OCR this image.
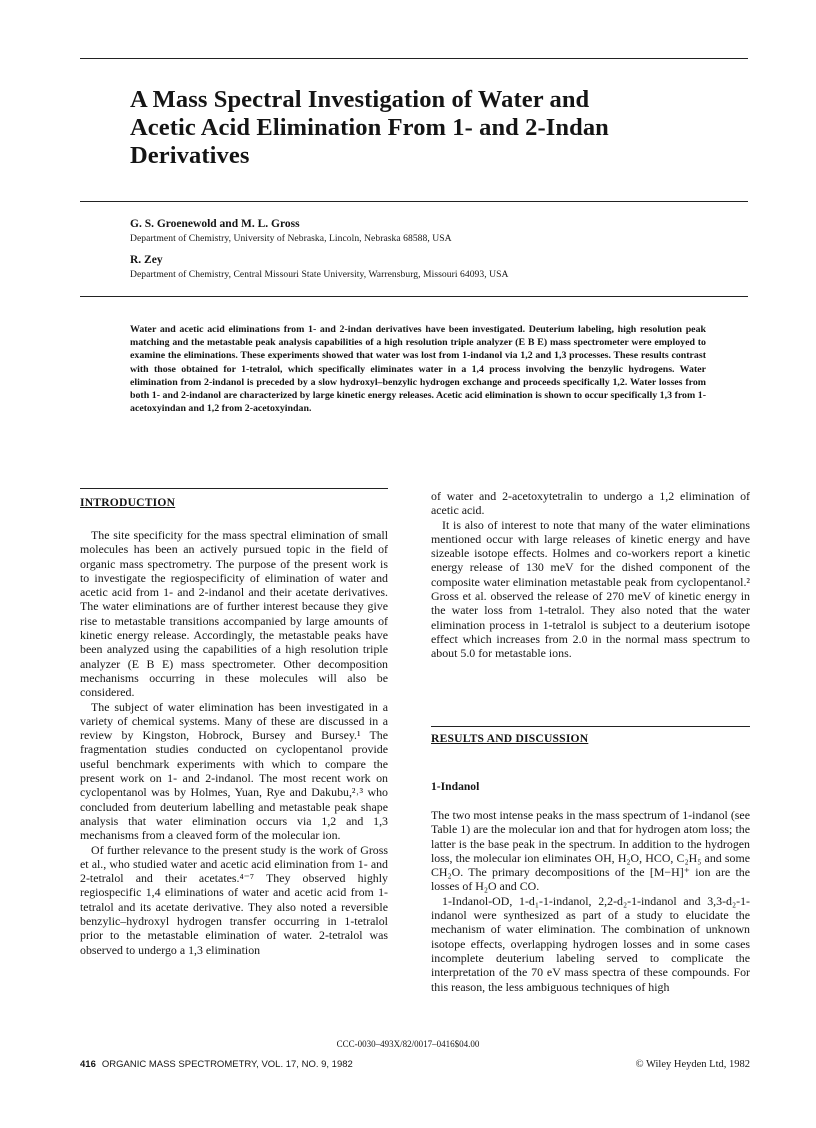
A Mass Spectral Investigation of Water and Acetic Acid Elimination From 1- and 2-Indan Derivatives
G. S. Groenewold and M. L. Gross
Department of Chemistry, University of Nebraska, Lincoln, Nebraska 68588, USA
R. Zey
Department of Chemistry, Central Missouri State University, Warrensburg, Missouri 64093, USA
Water and acetic acid eliminations from 1- and 2-indan derivatives have been investigated. Deuterium labeling, high resolution peak matching and the metastable peak analysis capabilities of a high resolution triple analyzer (E B E) mass spectrometer were employed to examine the eliminations. These experiments showed that water was lost from 1-indanol via 1,2 and 1,3 processes. These results contrast with those obtained for 1-tetralol, which specifically eliminates water in a 1,4 process involving the benzylic hydrogens. Water elimination from 2-indanol is preceded by a slow hydroxyl–benzylic hydrogen exchange and proceeds specifically 1,2. Water losses from both 1- and 2-indanol are characterized by large kinetic energy releases. Acetic acid elimination is shown to occur specifically 1,3 from 1-acetoxyindan and 1,2 from 2-acetoxyindan.
INTRODUCTION

The site specificity for the mass spectral elimination of small molecules has been an actively pursued topic in the field of organic mass spectrometry. The purpose of the present work is to investigate the regiospecificity of elimination of water and acetic acid from 1- and 2-indanol and their acetate derivatives. The water eliminations are of further interest because they give rise to metastable transitions accompanied by large amounts of kinetic energy release. Accordingly, the metastable peaks have been analyzed using the capabilities of a high resolution triple analyzer (E B E) mass spectrometer. Other decomposition mechanisms occurring in these molecules will also be considered.

The subject of water elimination has been investigated in a variety of chemical systems. Many of these are discussed in a review by Kingston, Hobrock, Bursey and Bursey.¹ The fragmentation studies conducted on cyclopentanol provide useful benchmark experiments with which to compare the present work on 1- and 2-indanol. The most recent work on cyclopentanol was by Holmes, Yuan, Rye and Dakubu,²˒³ who concluded from deuterium labelling and metastable peak shape analysis that water elimination occurs via 1,2 and 1,3 mechanisms from a cleaved form of the molecular ion.

Of further relevance to the present study is the work of Gross et al., who studied water and acetic acid elimination from 1- and 2-tetralol and their acetates.⁴⁻⁷ They observed highly regiospecific 1,4 eliminations of water and acetic acid from 1-tetralol and its acetate derivative. They also noted a reversible benzylic–hydroxyl hydrogen transfer occurring in 1-tetralol prior to the metastable elimination of water. 2-tetralol was observed to undergo a 1,3 elimination

of water and 2-acetoxytetralin to undergo a 1,2 elimination of acetic acid.

It is also of interest to note that many of the water eliminations mentioned occur with large releases of kinetic energy and have sizeable isotope effects. Holmes and co-workers report a kinetic energy release of 130 meV for the dished component of the composite water elimination metastable peak from cyclopentanol.² Gross et al. observed the release of 270 meV of kinetic energy in the water loss from 1-tetralol. They also noted that the water elimination process in 1-tetralol is subject to a deuterium isotope effect which increases from 2.0 in the normal mass spectrum to about 5.0 for metastable ions.

RESULTS AND DISCUSSION
1-Indanol

The two most intense peaks in the mass spectrum of 1-indanol (see Table 1) are the molecular ion and that for hydrogen atom loss; the latter is the base peak in the spectrum. In addition to the hydrogen loss, the molecular ion eliminates OH, H₂O, HCO, C₂H₅ and some CH₂O. The primary decompositions of the [M−H]⁺ ion are the losses of H₂O and CO.

1-Indanol-OD, 1-d₁-1-indanol, 2,2-d₂-1-indanol and 3,3-d₂-1-indanol were synthesized as part of a study to elucidate the mechanism of water elimination. The combination of unknown isotope effects, overlapping hydrogen losses and in some cases incomplete deuterium labeling served to complicate the interpretation of the 70 eV mass spectra of these compounds. For this reason, the less ambiguous techniques of high

CCC-0030–493X/82/0017–0416$04.00
416 ORGANIC MASS SPECTROMETRY, VOL. 17, NO. 9, 1982	© Wiley Heyden Ltd, 1982
